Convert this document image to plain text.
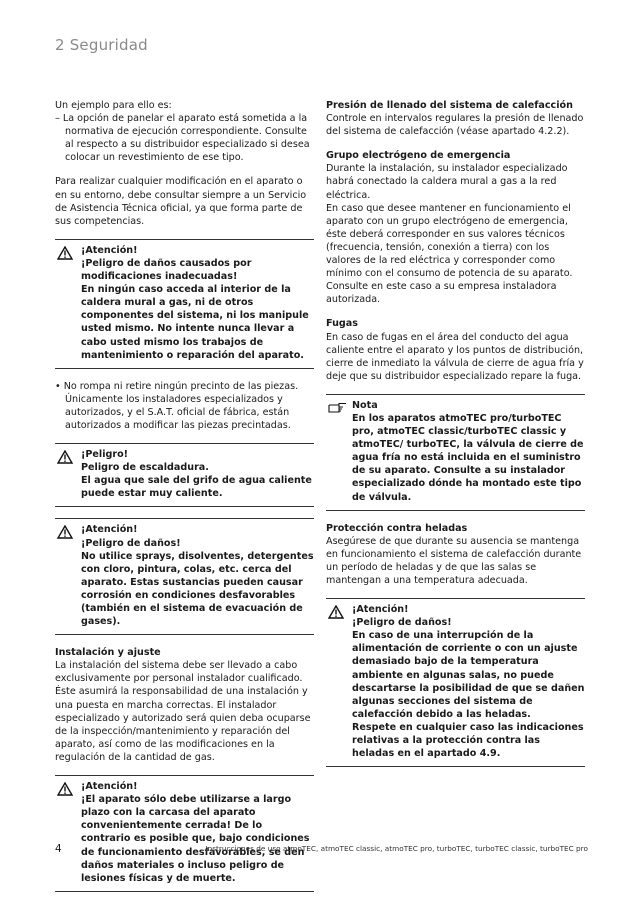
2 Seguridad
Un ejemplo para ello es:
– La opción de panelar el aparato está sometida a la normativa de ejecución correspondiente. Consulte al respecto a su distribuidor especializado si desea colocar un revestimiento de ese tipo.

Para realizar cualquier modificación en el aparato o en su entorno, debe consultar siempre a un Servicio de Asistencia Técnica oficial, ya que forma parte de sus competencias.

¡Atención!
¡Peligro de daños causados por modificaciones inadecuadas!
En ningún caso acceda al interior de la caldera mural a gas, ni de otros componentes del sistema, ni los manipule usted mismo. No intente nunca llevar a cabo usted mismo los trabajos de mantenimiento o reparación del aparato.
• No rompa ni retire ningún precinto de las piezas. Únicamente los instaladores especializados y autorizados, y el S.A.T. oficial de fábrica, están autorizados a modificar las piezas precintadas.
¡Peligro!
Peligro de escaldadura.
El agua que sale del grifo de agua caliente puede estar muy caliente.
¡Atención!
¡Peligro de daños!
No utilice sprays, disolventes, detergentes con cloro, pintura, colas, etc. cerca del aparato. Estas sustancias pueden causar corrosión en condiciones desfavorables (también en el sistema de evacuación de gases).
Instalación y ajuste
La instalación del sistema debe ser llevado a cabo exclusivamente por personal instalador cualificado. Éste asumirá la responsabilidad de una instalación y una puesta en marcha correctas. El instalador especializado y autorizado será quien deba ocuparse de la inspección/mantenimiento y reparación del aparato, así como de las modificaciones en la regulación de la cantidad de gas.
¡Atención!
¡El aparato sólo debe utilizarse a largo plazo con la carcasa del aparato convenientemente cerrada! De lo contrario es posible que, bajo condiciones de funcionamiento desfavorables, se den daños materiales o incluso peligro de lesiones físicas y de muerte.
Presión de llenado del sistema de calefacción
Controle en intervalos regulares la presión de llenado del sistema de calefacción (véase apartado 4.2.2).
Grupo electrógeno de emergencia
Durante la instalación, su instalador especializado habrá conectado la caldera mural a gas a la red eléctrica.
En caso que desee mantener en funcionamiento el aparato con un grupo electrógeno de emergencia, éste deberá corresponder en sus valores técnicos (frecuencia, tensión, conexión a tierra) con los valores de la red eléctrica y corresponder como mínimo con el consumo de potencia de su aparato. Consulte en este caso a su empresa instaladora autorizada.
Fugas
En caso de fugas en el área del conducto del agua caliente entre el aparato y los puntos de distribución, cierre de inmediato la válvula de cierre de agua fría y deje que su distribuidor especializado repare la fuga.
Nota
En los aparatos atmoTEC pro/turboTEC pro, atmoTEC classic/turboTEC classic y atmoTEC/ turboTEC, la válvula de cierre de agua fría no está incluida en el suministro de su aparato. Consulte a su instalador especializado dónde ha montado este tipo de válvula.
Protección contra heladas
Asegúrese de que durante su ausencia se mantenga en funcionamiento el sistema de calefacción durante un período de heladas y de que las salas se mantengan a una temperatura adecuada.
¡Atención!
¡Peligro de daños!
En caso de una interrupción de la alimentación de corriente o con un ajuste demasiado bajo de la temperatura ambiente en algunas salas, no puede descartarse la posibilidad de que se dañen algunas secciones del sistema de calefacción debido a las heladas.
Respete en cualquier caso las indicaciones relativas a la protección contra las heladas en el apartado 4.9.
4	Instrucciones de uso atmoTEC, atmoTEC classic, atmoTEC pro, turboTEC, turboTEC classic, turboTEC pro
